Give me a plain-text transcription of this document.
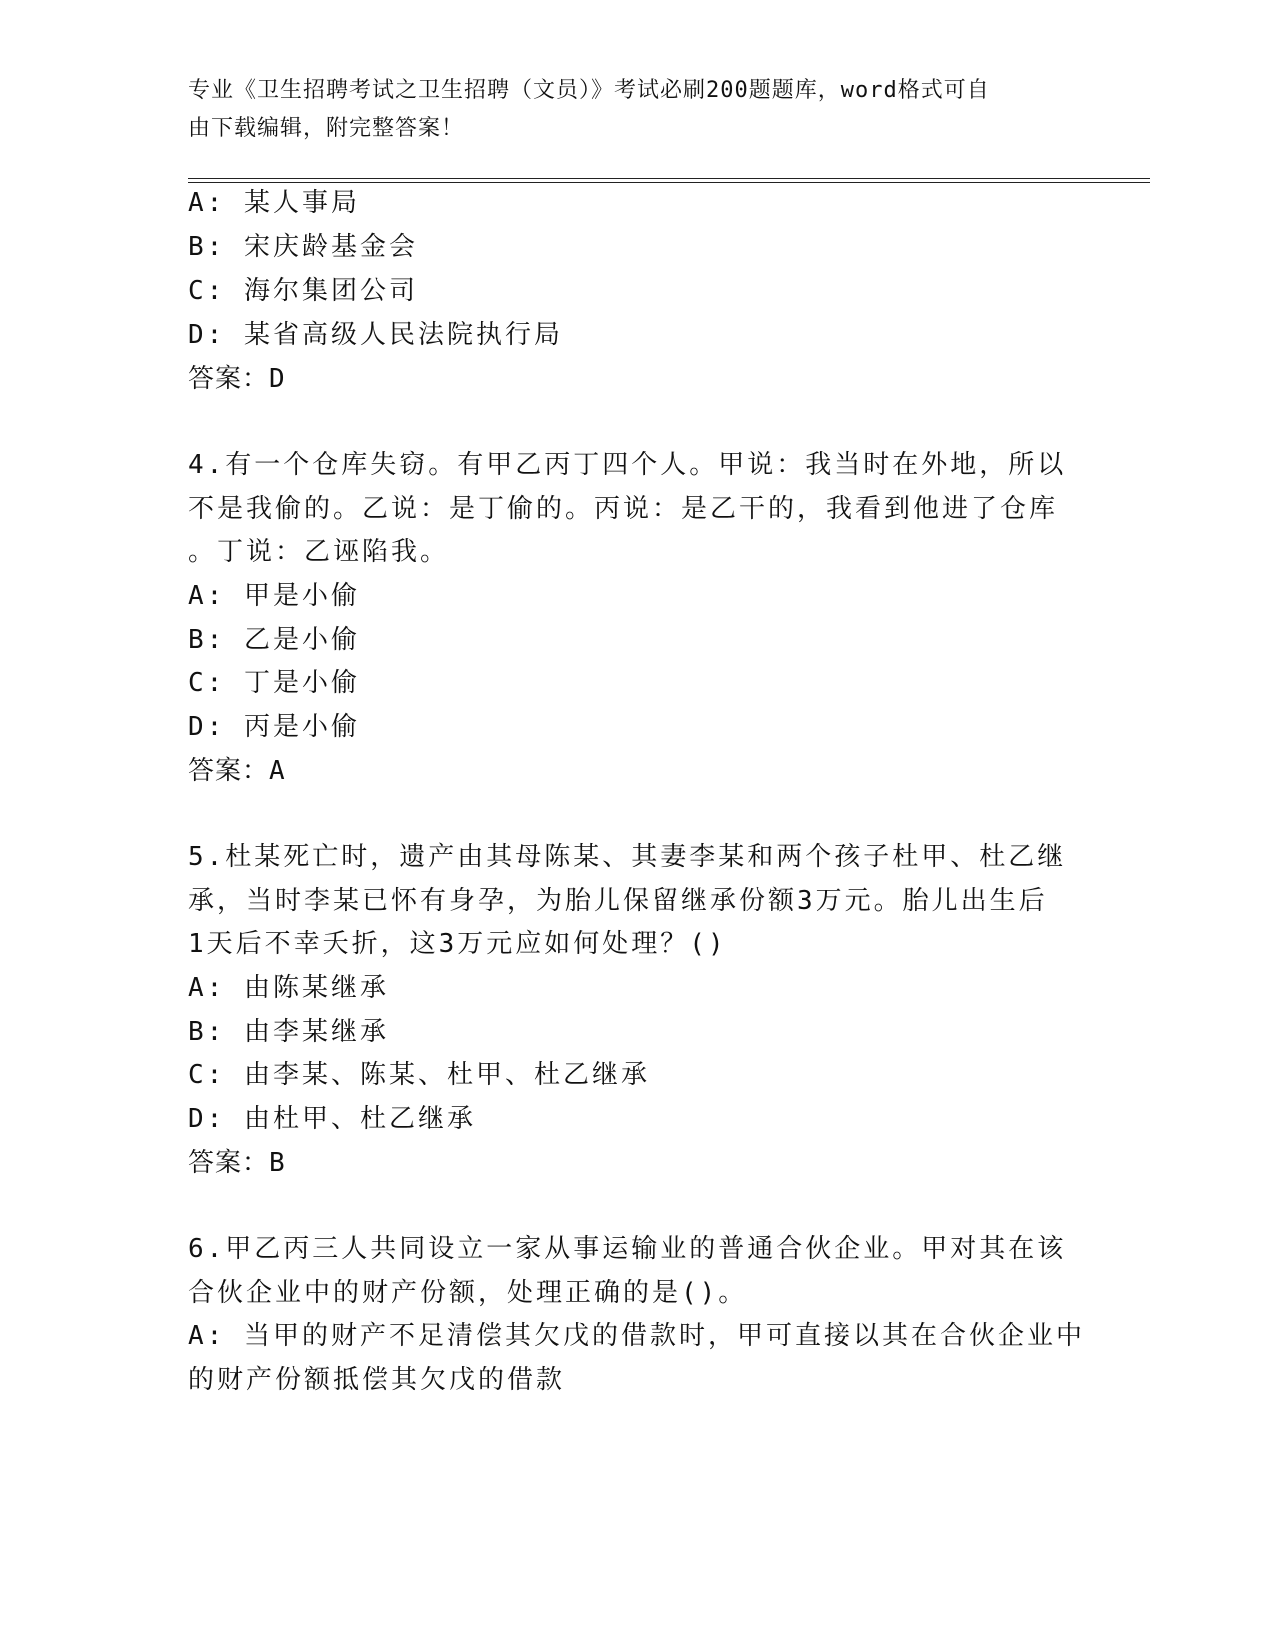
专业《卫生招聘考试之卫生招聘（文员）》考试必刷200题题库，word格式可自
由下载编辑，附完整答案！

A: 某人事局

B: 宋庆龄基金会

C: 海尔集团公司

D: 某省高级人民法院执行局

答案：D

4.有一个仓库失窃。有甲乙丙丁四个人。甲说：我当时在外地，所以

不是我偷的。乙说：是丁偷的。丙说：是乙干的，我看到他进了仓库

。丁说：乙诬陷我。

A: 甲是小偷

B: 乙是小偷

C: 丁是小偷

D: 丙是小偷

答案：A

5.杜某死亡时，遗产由其母陈某、其妻李某和两个孩子杜甲、杜乙继

承，当时李某已怀有身孕，为胎儿保留继承份额3万元。胎儿出生后

1天后不幸夭折，这3万元应如何处理？()

A: 由陈某继承

B: 由李某继承

C: 由李某、陈某、杜甲、杜乙继承

D: 由杜甲、杜乙继承

答案：B

6.甲乙丙三人共同设立一家从事运输业的普通合伙企业。甲对其在该

合伙企业中的财产份额，处理正确的是()。

A: 当甲的财产不足清偿其欠戊的借款时，甲可直接以其在合伙企业中

的财产份额抵偿其欠戊的借款
